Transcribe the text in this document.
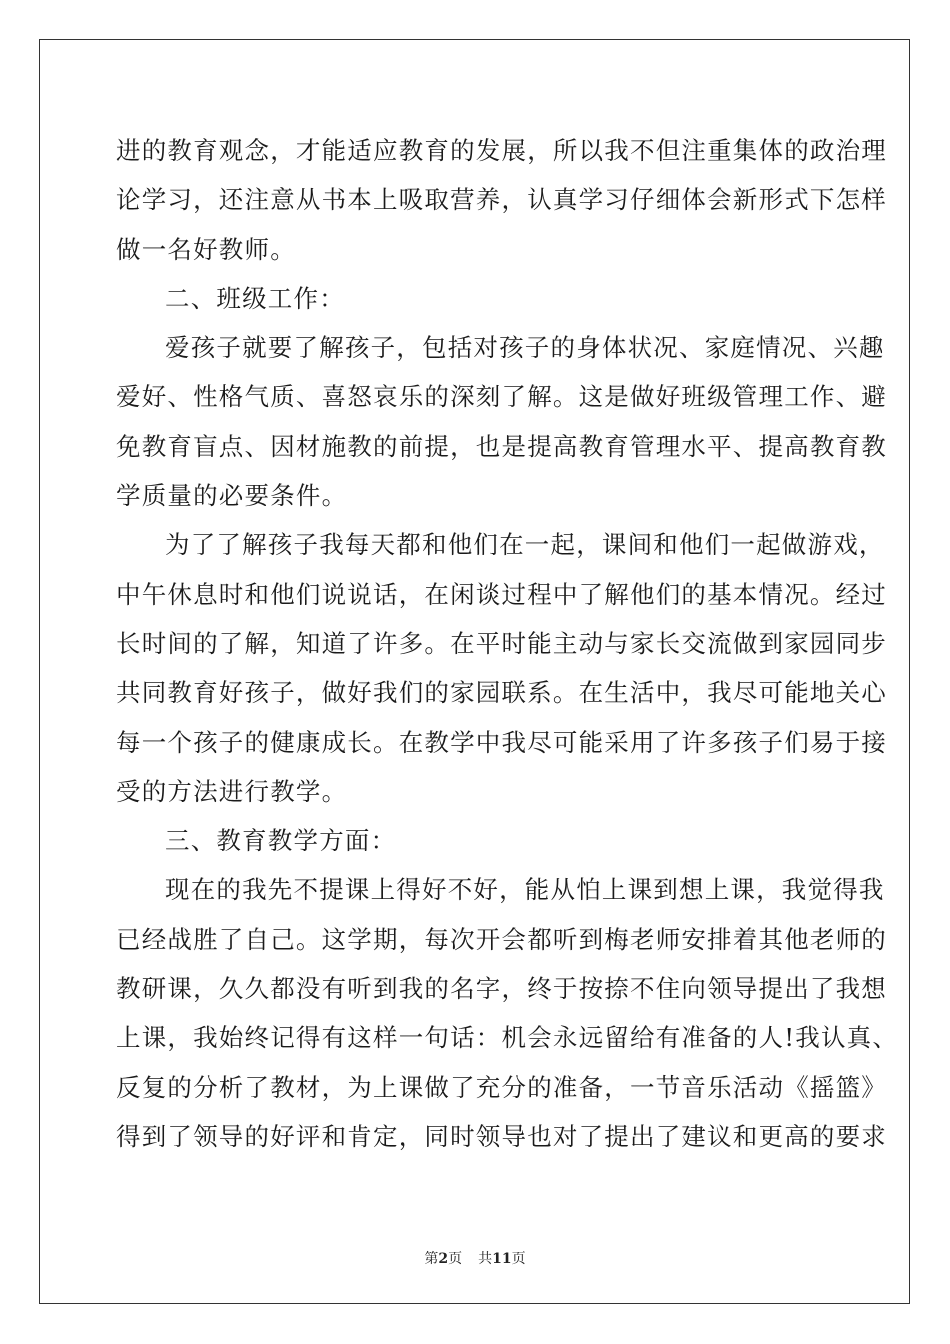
进的教育观念，才能适应教育的发展，所以我不但注重集体的政治理
论学习，还注意从书本上吸取营养，认真学习仔细体会新形式下怎样
做一名好教师。
二、班级工作：
爱孩子就要了解孩子，包括对孩子的身体状况、家庭情况、兴趣
爱好、性格气质、喜怒哀乐的深刻了解。这是做好班级管理工作、避
免教育盲点、因材施教的前提，也是提高教育管理水平、提高教育教
学质量的必要条件。
为了了解孩子我每天都和他们在一起，课间和他们一起做游戏，
中午休息时和他们说说话，在闲谈过程中了解他们的基本情况。经过
长时间的了解，知道了许多。在平时能主动与家长交流做到家园同步
共同教育好孩子，做好我们的家园联系。在生活中，我尽可能地关心
每一个孩子的健康成长。在教学中我尽可能采用了许多孩子们易于接
受的方法进行教学。
三、教育教学方面：
现在的我先不提课上得好不好，能从怕上课到想上课，我觉得我
已经战胜了自己。这学期，每次开会都听到梅老师安排着其他老师的
教研课，久久都没有听到我的名字，终于按捺不住向领导提出了我想
上课，我始终记得有这样一句话：机会永远留给有准备的人!我认真、
反复的分析了教材，为上课做了充分的准备，一节音乐活动《摇篮》
得到了领导的好评和肯定，同时领导也对了提出了建议和更高的要求
第2页 共11页
